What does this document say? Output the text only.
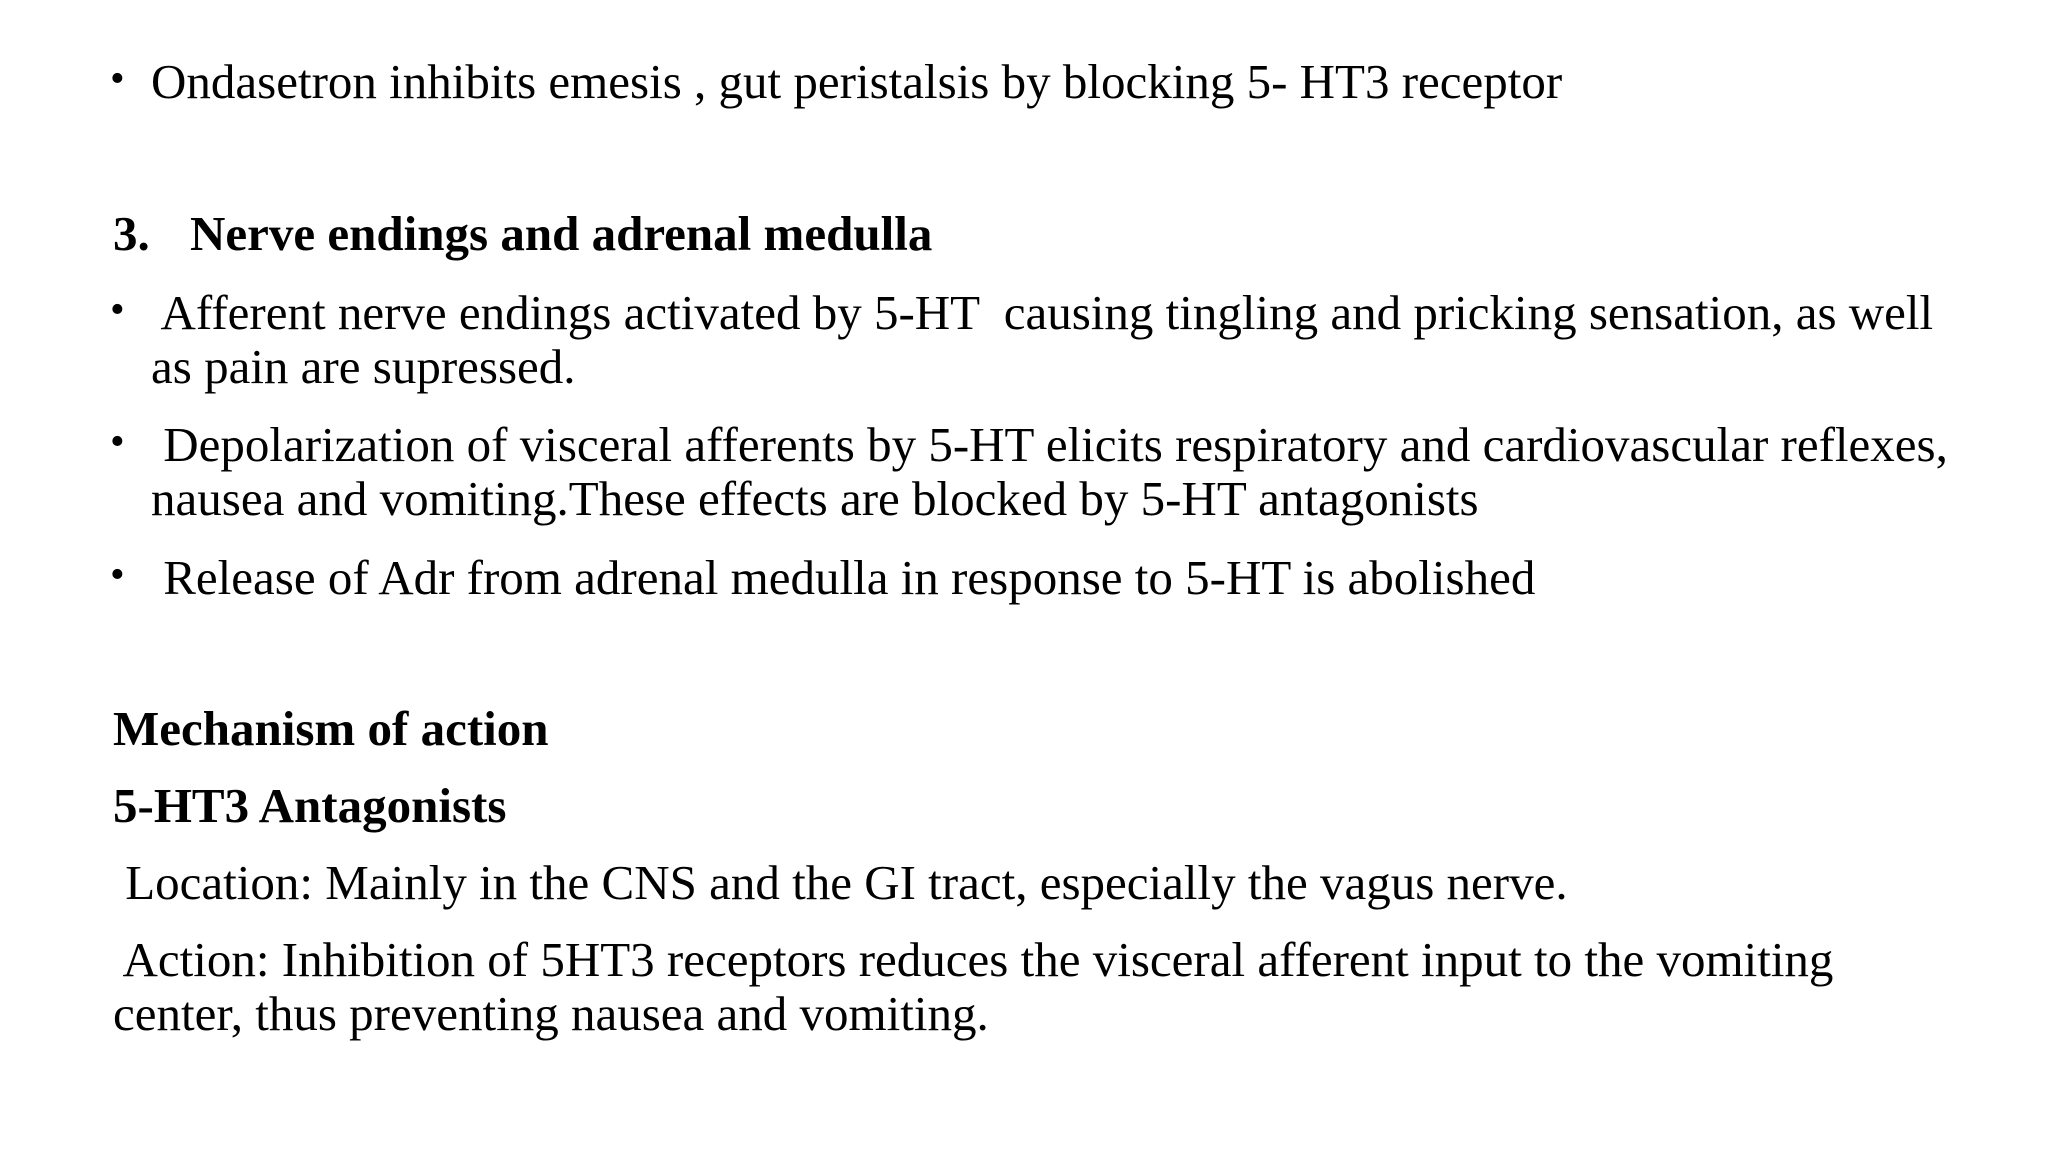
• Ondasetron inhibits emesis , gut peristalsis by blocking 5- HT3 receptor

3. Nerve endings and adrenal medulla

• Afferent nerve endings activated by 5-HT  causing tingling and pricking sensation, as well

as pain are supressed.

• Depolarization of visceral afferents by 5-HT elicits respiratory and cardiovascular reflexes,

nausea and vomiting.These effects are blocked by 5-HT antagonists

• Release of Adr from adrenal medulla in response to 5-HT is abolished

Mechanism of action

5-HT3 Antagonists

Location: Mainly in the CNS and the GI tract, especially the vagus nerve.

Action: Inhibition of 5HT3 receptors reduces the visceral afferent input to the vomiting

center, thus preventing nausea and vomiting.
